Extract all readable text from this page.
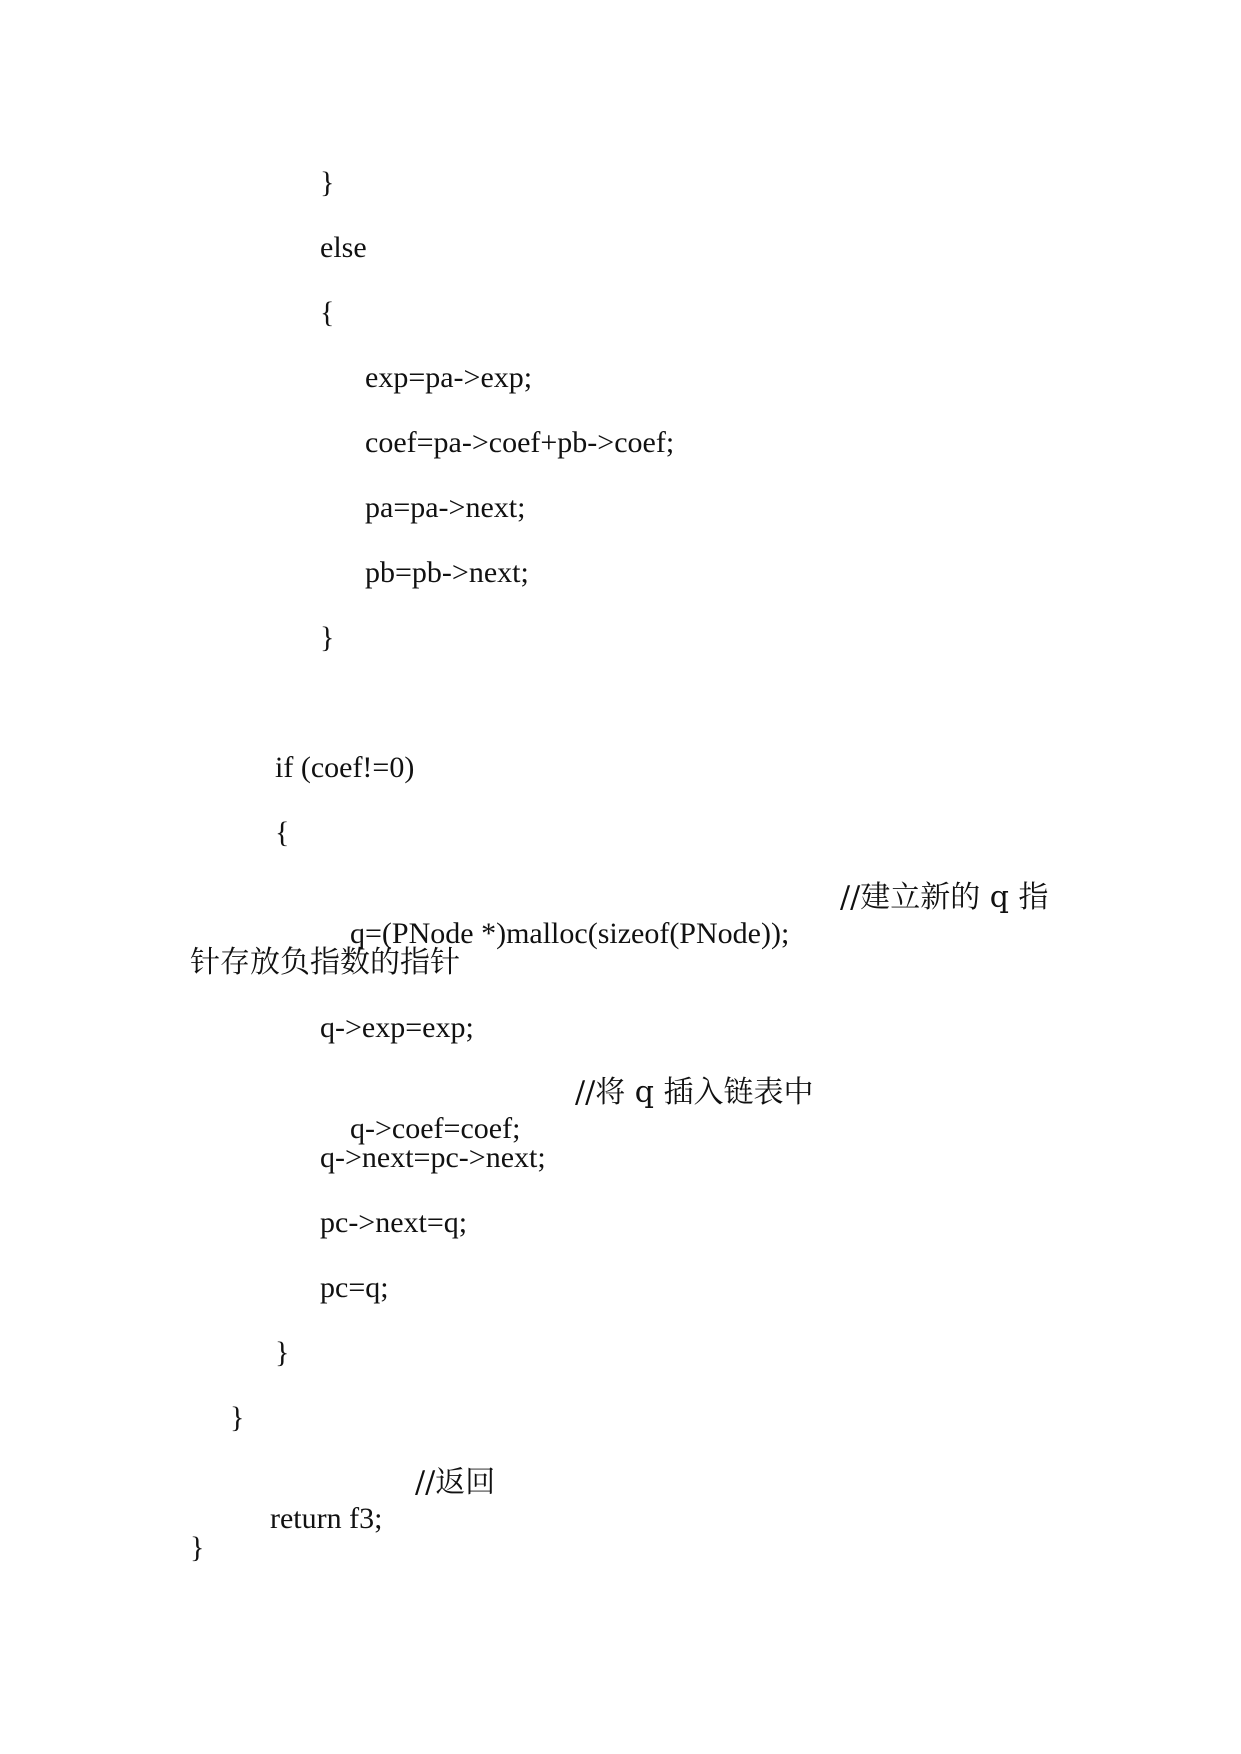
}
else
{
exp=pa->exp;
coef=pa->coef+pb->coef;
pa=pa->next;
pb=pb->next;
}
if (coef!=0)
{

q=(PNode *)malloc(sizeof(PNode));

//建立新的 q 指

针存放负指数的指针
q->exp=exp;

q->coef=coef;

//将 q 插入链表中

q->next=pc->next;
pc->next=q;
pc=q;
}
}

return f3;

//返回

}
